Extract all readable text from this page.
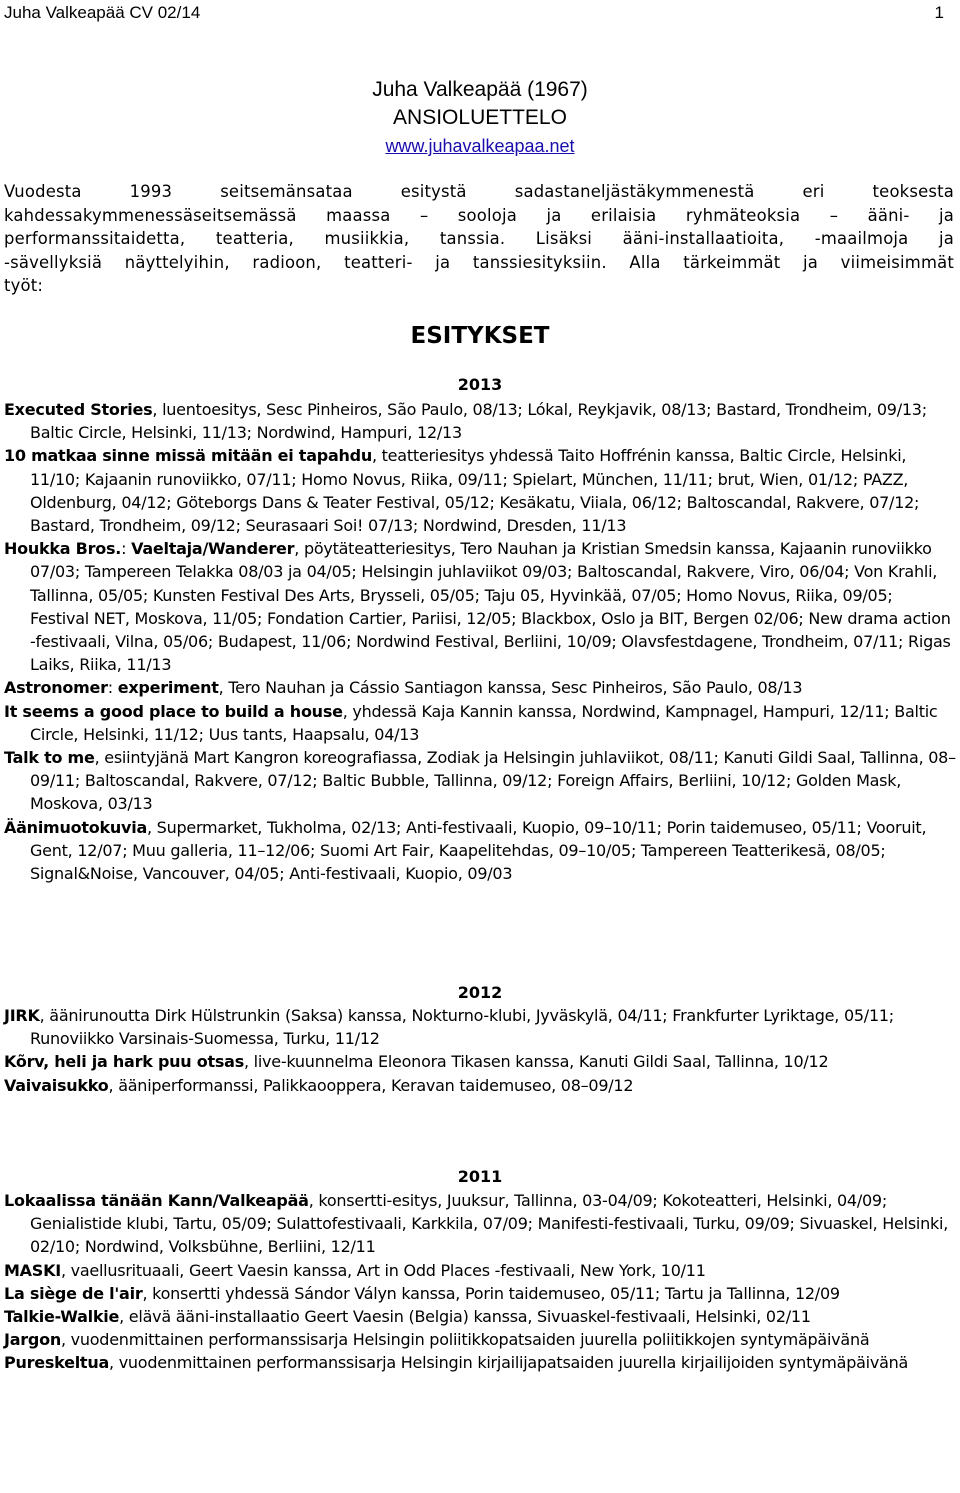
Juha Valkeapää CV 02/14	1
Juha Valkeapää (1967)
ANSIOLUETTELO
www.juhavalkeapaa.net

Vuodesta 1993 seitsemänsataa esitystä sadastaneljästäkymmenestä eri teoksesta

kahdessakymmenessäseitsemässä maassa – sooloja ja erilaisia ryhmäteoksia – ääni- ja

performanssitaidetta, teatteria, musiikkia, tanssia. Lisäksi ääni-installaatioita, -maailmoja ja

-sävellyksiä näyttelyihin, radioon, teatteri- ja tanssiesityksiin. Alla tärkeimmät ja viimeisimmät

työt:

ESITYKSET
2013

Executed Stories, luentoesitys, Sesc Pinheiros, São Paulo, 08/13; Lókal, Reykjavik, 08/13; Bastard, Trondheim, 09/13; Baltic Circle, Helsinki, 11/13; Nordwind, Hampuri, 12/13

10 matkaa sinne missä mitään ei tapahdu, teatteriesitys yhdessä Taito Hoffrénin kanssa, Baltic Circle, Helsinki, 11/10; Kajaanin runoviikko, 07/11; Homo Novus, Riika, 09/11; Spielart, München, 11/11; brut, Wien, 01/12; PAZZ, Oldenburg, 04/12; Göteborgs Dans & Teater Festival, 05/12; Kesäkatu, Viiala, 06/12; Baltoscandal, Rakvere, 07/12; Bastard, Trondheim, 09/12; Seurasaari Soi! 07/13; Nordwind, Dresden, 11/13

Houkka Bros.: Vaeltaja/Wanderer, pöytäteatteriesitys, Tero Nauhan ja Kristian Smedsin kanssa, Kajaanin runoviikko 07/03; Tampereen Telakka 08/03 ja 04/05; Helsingin juhlaviikot 09/03; Baltoscandal, Rakvere, Viro, 06/04; Von Krahli, Tallinna, 05/05; Kunsten Festival Des Arts, Brysseli, 05/05; Taju 05, Hyvinkää, 07/05; Homo Novus, Riika, 09/05; Festival NET, Moskova, 11/05; Fondation Cartier, Pariisi, 12/05; Blackbox, Oslo ja BIT, Bergen 02/06; New drama action -festivaali, Vilna, 05/06; Budapest, 11/06; Nordwind Festival, Berliini, 10/09; Olavsfestdagene, Trondheim, 07/11; Rigas Laiks, Riika, 11/13

Astronomer: experiment, Tero Nauhan ja Cássio Santiagon kanssa, Sesc Pinheiros, São Paulo, 08/13

It seems a good place to build a house, yhdessä Kaja Kannin kanssa, Nordwind, Kampnagel, Hampuri, 12/11; Baltic Circle, Helsinki, 11/12; Uus tants, Haapsalu, 04/13

Talk to me, esiintyjänä Mart Kangron koreografiassa, Zodiak ja Helsingin juhlaviikot, 08/11; Kanuti Gildi Saal, Tallinna, 08–09/11; Baltoscandal, Rakvere, 07/12; Baltic Bubble, Tallinna, 09/12; Foreign Affairs, Berliini, 10/12; Golden Mask, Moskova, 03/13

Äänimuotokuvia, Supermarket, Tukholma, 02/13; Anti-festivaali, Kuopio, 09–10/11; Porin taidemuseo, 05/11; Vooruit, Gent, 12/07; Muu galleria, 11–12/06; Suomi Art Fair, Kaapelitehdas, 09–10/05; Tampereen Teatterikesä, 08/05; Signal&Noise, Vancouver, 04/05; Anti-festivaali, Kuopio, 09/03

2012

JIRK, äänirunoutta Dirk Hülstrunkin (Saksa) kanssa, Nokturno-klubi, Jyväskylä, 04/11; Frankfurter Lyriktage, 05/11; Runoviikko Varsinais-Suomessa, Turku, 11/12

Kõrv, heli ja hark puu otsas, live-kuunnelma Eleonora Tikasen kanssa, Kanuti Gildi Saal, Tallinna, 10/12

Vaivaisukko, ääniperformanssi, Palikkaooppera, Keravan taidemuseo, 08–09/12

2011

Lokaalissa tänään Kann/Valkeapää, konsertti-esitys, Juuksur, Tallinna, 03-04/09; Kokoteatteri, Helsinki, 04/09; Genialistide klubi, Tartu, 05/09; Sulattofestivaali, Karkkila, 07/09; Manifesti-festivaali, Turku, 09/09; Sivuaskel, Helsinki, 02/10; Nordwind, Volksbühne, Berliini, 12/11

MASKI, vaellusrituaali, Geert Vaesin kanssa, Art in Odd Places -festivaali, New York, 10/11

La siège de l'air, konsertti yhdessä Sándor Vályn kanssa, Porin taidemuseo, 05/11; Tartu ja Tallinna, 12/09

Talkie-Walkie, elävä ääni-installaatio Geert Vaesin (Belgia) kanssa, Sivuaskel-festivaali, Helsinki, 02/11

Jargon, vuodenmittainen performanssisarja Helsingin poliitikkopatsaiden juurella poliitikkojen syntymäpäivänä

Pureskeltua, vuodenmittainen performanssisarja Helsingin kirjailijapatsaiden juurella kirjailijoiden syntymäpäivänä
